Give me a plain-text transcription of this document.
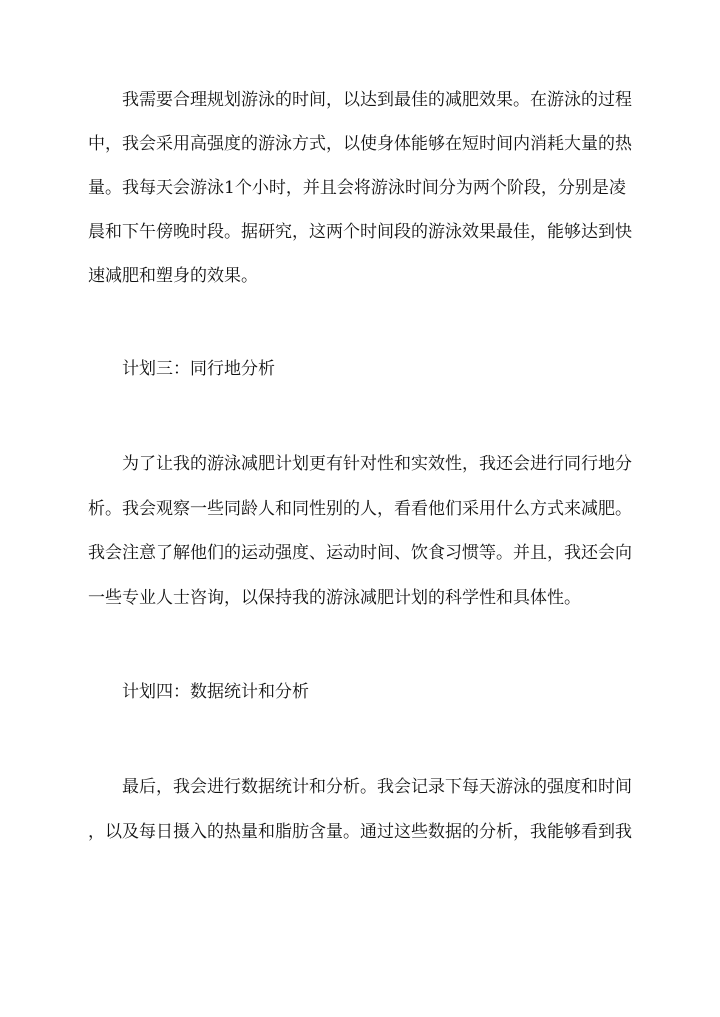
我需要合理规划游泳的时间，以达到最佳的减肥效果。在游泳的过程
中，我会采用高强度的游泳方式，以使身体能够在短时间内消耗大量的热
量。我每天会游泳1个小时，并且会将游泳时间分为两个阶段，分别是凌
晨和下午傍晚时段。据研究，这两个时间段的游泳效果最佳，能够达到快
速减肥和塑身的效果。
计划三：同行地分析
为了让我的游泳减肥计划更有针对性和实效性，我还会进行同行地分
析。我会观察一些同龄人和同性别的人，看看他们采用什么方式来减肥。
我会注意了解他们的运动强度、运动时间、饮食习惯等。并且，我还会向
一些专业人士咨询，以保持我的游泳减肥计划的科学性和具体性。
计划四：数据统计和分析
最后，我会进行数据统计和分析。我会记录下每天游泳的强度和时间
，以及每日摄入的热量和脂肪含量。通过这些数据的分析，我能够看到我
